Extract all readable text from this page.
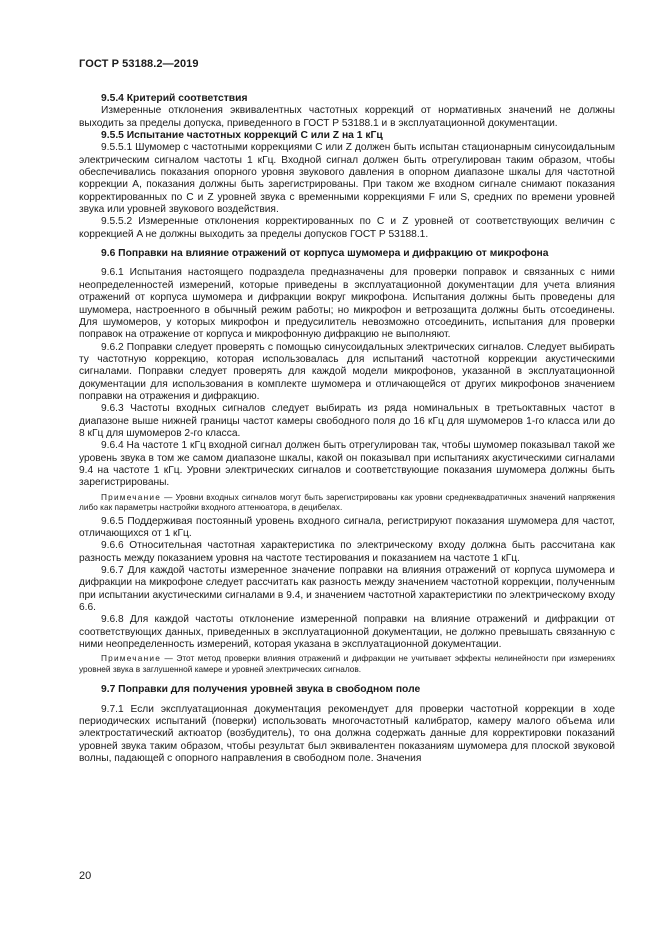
ГОСТ Р 53188.2—2019
9.5.4 Критерий соответствия

Измеренные отклонения эквивалентных частотных коррекций от нормативных значений не должны выходить за пределы допуска, приведенного в ГОСТ Р 53188.1 и в эксплуатационной документации.

9.5.5 Испытание частотных коррекций C или Z на 1 кГц

9.5.5.1 Шумомер с частотными коррекциями C или Z должен быть испытан стационарным синусоидальным электрическим сигналом частоты 1 кГц. Входной сигнал должен быть отрегулирован таким образом, чтобы обеспечивались показания опорного уровня звукового давления в опорном диапазоне шкалы для частотной коррекции A, показания должны быть зарегистрированы. При таком же входном сигнале снимают показания корректированных по C и Z уровней звука с временными коррекциями F или S, средних по времени уровней звука или уровней звукового воздействия.

9.5.5.2 Измеренные отклонения корректированных по C и Z уровней от соответствующих величин с коррекцией A не должны выходить за пределы допусков ГОСТ Р 53188.1.

9.6 Поправки на влияние отражений от корпуса шумомера и дифракцию от микрофона

9.6.1 Испытания настоящего подраздела предназначены для проверки поправок и связанных с ними неопределенностей измерений, которые приведены в эксплуатационной документации для учета влияния отражений от корпуса шумомера и дифракции вокруг микрофона. Испытания должны быть проведены для шумомера, настроенного в обычный режим работы; но микрофон и ветрозащита должны быть отсоединены. Для шумомеров, у которых микрофон и предусилитель невозможно отсоединить, испытания для проверки поправок на отражение от корпуса и микрофонную дифракцию не выполняют.

9.6.2 Поправки следует проверять с помощью синусоидальных электрических сигналов. Следует выбирать ту частотную коррекцию, которая использовалась для испытаний частотной коррекции акустическими сигналами. Поправки следует проверять для каждой модели микрофонов, указанной в эксплуатационной документации для использования в комплекте шумомера и отличающейся от других микрофонов значением поправки на отражения и дифракцию.

9.6.3 Частоты входных сигналов следует выбирать из ряда номинальных в третьоктавных частот в диапазоне выше нижней границы частот камеры свободного поля до 16 кГц для шумомеров 1-го класса или до 8 кГц для шумомеров 2-го класса.

9.6.4 На частоте 1 кГц входной сигнал должен быть отрегулирован так, чтобы шумомер показывал такой же уровень звука в том же самом диапазоне шкалы, какой он показывал при испытаниях акустическими сигналами 9.4 на частоте 1 кГц. Уровни электрических сигналов и соответствующие показания шумомера должны быть зарегистрированы.

Примечание — Уровни входных сигналов могут быть зарегистрированы как уровни среднеквадратичных значений напряжения либо как параметры настройки входного аттенюатора, в децибелах.

9.6.5 Поддерживая постоянный уровень входного сигнала, регистрируют показания шумомера для частот, отличающихся от 1 кГц.

9.6.6 Относительная частотная характеристика по электрическому входу должна быть рассчитана как разность между показанием уровня на частоте тестирования и показанием на частоте 1 кГц.

9.6.7 Для каждой частоты измеренное значение поправки на влияния отражений от корпуса шумомера и дифракции на микрофоне следует рассчитать как разность между значением частотной коррекции, полученным при испытании акустическими сигналами в 9.4, и значением частотной характеристики по электрическому входу 6.6.

9.6.8 Для каждой частоты отклонение измеренной поправки на влияние отражений и дифракции от соответствующих данных, приведенных в эксплуатационной документации, не должно превышать связанную с ними неопределенность измерений, которая указана в эксплуатационной документации.

Примечание — Этот метод проверки влияния отражений и дифракции не учитывает эффекты нелинейности при измерениях уровней звука в заглушенной камере и уровней электрических сигналов.

9.7 Поправки для получения уровней звука в свободном поле

9.7.1 Если эксплуатационная документация рекомендует для проверки частотной коррекции в ходе периодических испытаний (поверки) использовать многочастотный калибратор, камеру малого объема или электростатический актюатор (возбудитель), то она должна содержать данные для корректировки показаний уровней звука таким образом, чтобы результат был эквивалентен показаниям шумомера для плоской звуковой волны, падающей с опорного направления в свободном поле. Значения

20
